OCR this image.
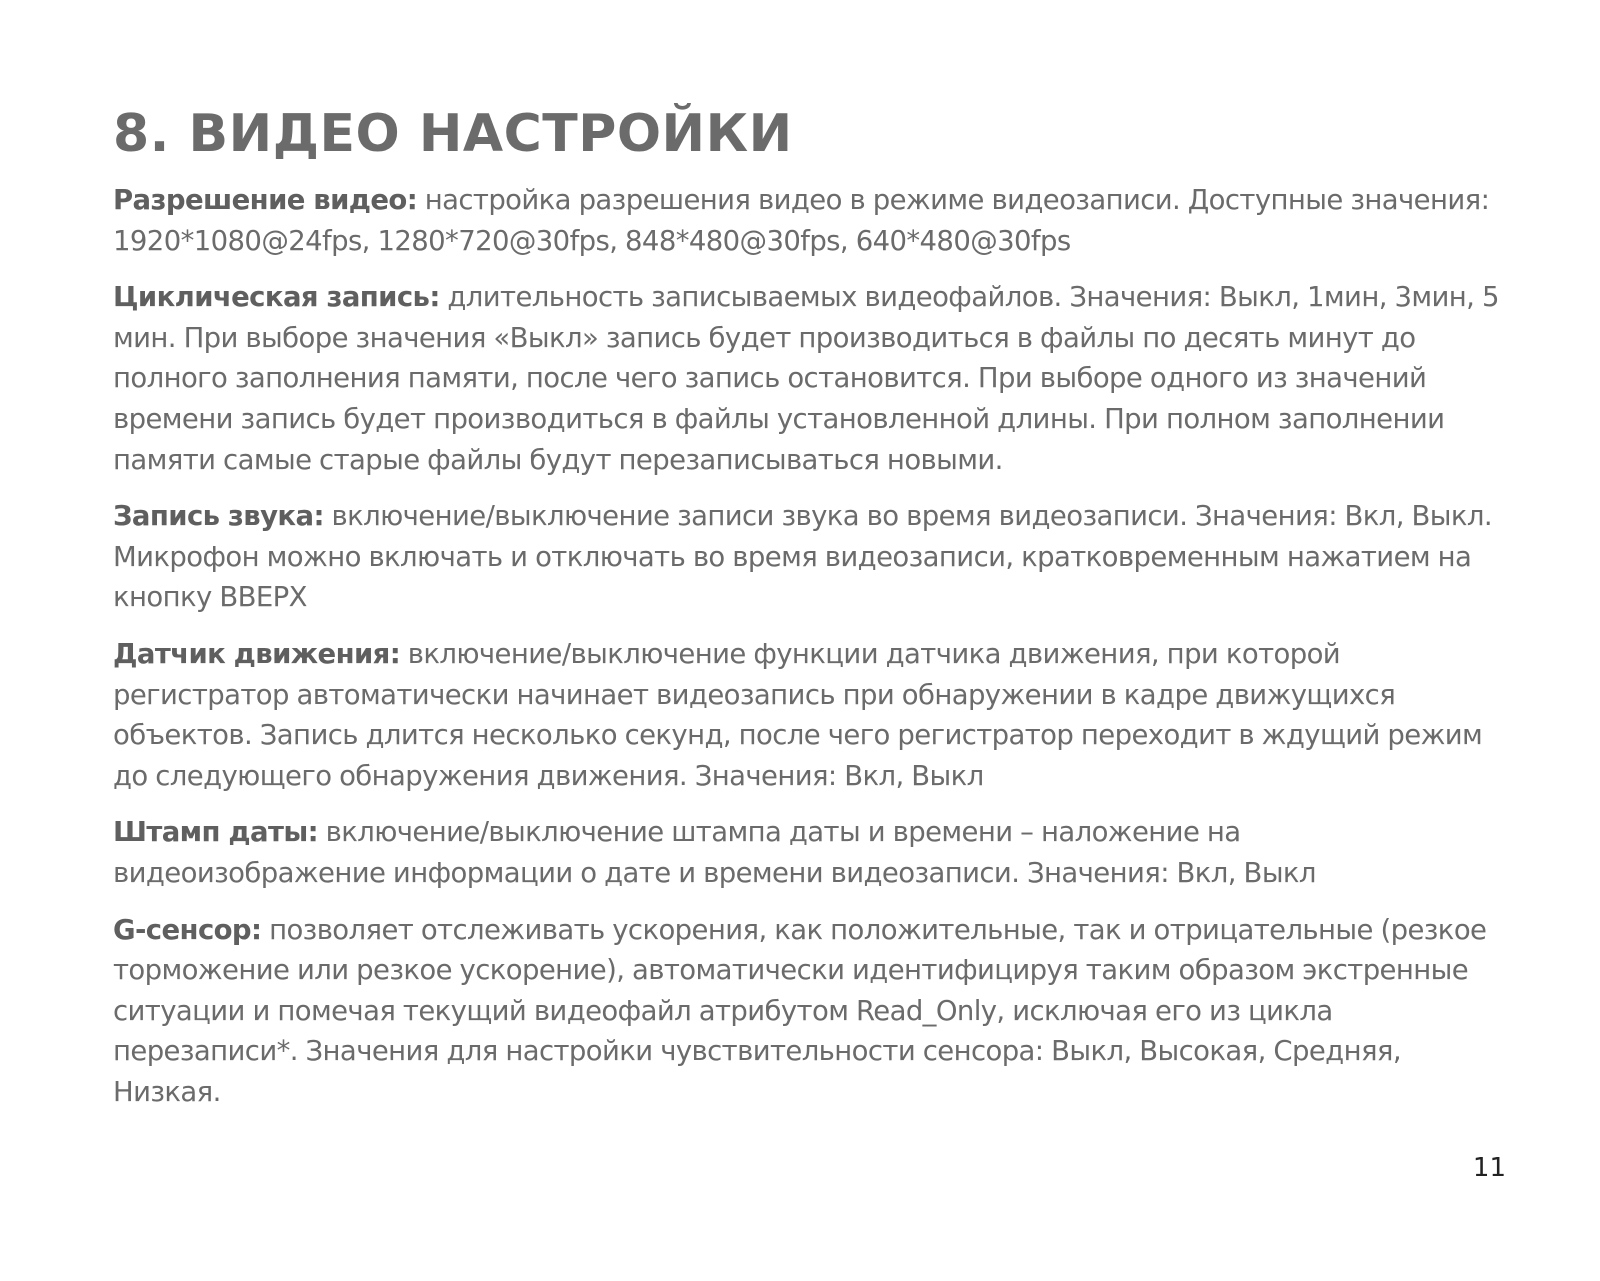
8. ВИДЕО НАСТРОЙКИ

Разрешение видео: настройка разрешения видео в режиме видеозаписи. Доступные значения: 1920*1080@24fps, 1280*720@30fps, 848*480@30fps, 640*480@30fps

Циклическая запись: длительность записываемых видеофайлов. Значения: Выкл, 1мин, 3мин, 5 мин. При выборе значения «Выкл» запись будет производиться в файлы по десять минут до полного заполнения памяти, после чего запись остановится. При выборе одного из значений времени запись будет производиться в файлы установленной длины. При полном заполнении памяти самые старые файлы будут перезаписываться новыми.

Запись звука: включение/выключение записи звука во время видеозаписи. Значения: Вкл, Выкл. Микрофон можно включать и отключать во время видеозаписи, кратковременным нажатием на кнопку ВВЕРХ

Датчик движения: включение/выключение функции датчика движения, при которой регистратор автоматически начинает видеозапись при обнаружении в кадре движущихся объектов. Запись длится несколько секунд, после чего регистратор переходит в ждущий режим до следующего обнаружения движения. Значения: Вкл, Выкл

Штамп даты: включение/выключение штампа даты и времени – наложение на видеоизображение информации о дате и времени видеозаписи. Значения: Вкл, Выкл

G-сенсор: позволяет отслеживать ускорения, как положительные, так и отрицательные (резкое торможение или резкое ускорение), автоматически идентифицируя таким образом экстренные ситуации и помечая текущий видеофайл атрибутом Read_Only, исключая его из цикла перезаписи*. Значения для настройки чувствительности сенсора: Выкл, Высокая, Средняя, Низкая.

11
